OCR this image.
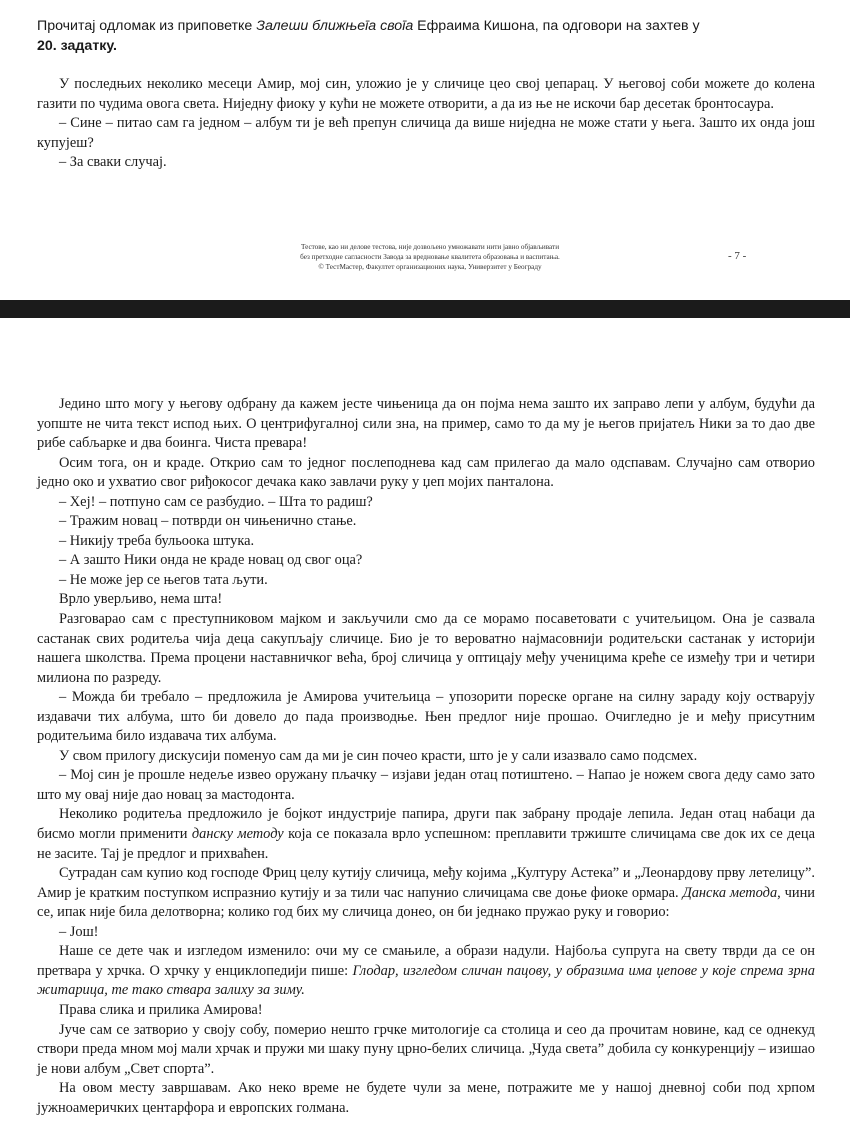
Прочитај одломак из приповетке Залеши ближњеīа своīа Ефраима Кишона, па одговори на захтев у
20. задатку.

У последњих неколико месеци Амир, мој син, уложио је у сличице цео свој џепарац. У његовој соби можете до колена газити по чудима овога света. Ниједну фиоку у кући не можете отворити, а да из ње не искочи бар десетак бронтосаура.

– Сине – питао сам га једном – албум ти је већ препун сличица да више ниједна не може стати у њега. Зашто их онда још купујеш?

– За сваки случај.

Тестове, као ни делове тестова, није дозвољено умножавати нити јавно објављивати
без претходне сагласности Завода за вредновање квалитета образовања и васпитања.
© ТестМастер, Факултет организационих наука, Универзитет у Београду
- 7 -

Једино што могу у његову одбрану да кажем јесте чињеница да он појма нема зашто их заправо лепи у албум, будући да уопште не чита текст испод њих. О центрифугалној сили зна, на пример, само то да му је његов пријатељ Ники за то дао две рибе сабљарке и два боинга. Чиста превара!

Осим тога, он и краде. Открио сам то једног послеподнева кад сам прилегао да мало одспавам. Случајно сам отворио једно око и ухватио свог риђокосог дечака како завлачи руку у џеп мојих панталона.

– Хеј! – потпуно сам се разбудио. – Шта то радиш?

– Тражим новац – потврди он чињенично стање.

– Никију треба бульоока штука.

– А зашто Ники онда не краде новац од свог оца?

– Не може јер се његов тата љути.

Врло уверљиво, нема шта!

Разговарао сам с преступниковом мајком и закључили смо да се морамо посаветовати с учитељицом. Она је сазвала састанак свих родитеља чија деца сакупљају сличице. Био је то вероватно најмасовнији родитељски састанак у историји нашега школства. Према процени наставничког већа, број сличица у оптицају међу ученицима креће се између три и четири милиона по разреду.

– Можда би требало – предложила је Амирова учитељица – упозорити пореске органе на силну зараду коју остварују издавачи тих албума, што би довело до пада производње. Њен предлог није прошао. Очигледно је и међу присутним родитељима било издавача тих албума.

У свом прилогу дискусији поменуо сам да ми је син почео красти, што је у сали изазвало само подсмех.

– Мој син је прошле недеље извео оружану пљачку – изјави један отац потиштено. – Напао је ножем свога деду само зато што му овај није дао новац за мастодонта.

Неколико родитеља предложило је бојкот индустрије папира, други пак забрану продаје лепила. Један отац набаци да бисмо могли применити данску методу која се показала врло успешном: преплавити тржиште сличицама све док их се деца не засите. Тај је предлог и прихваћен.

Сутрадан сам купио код господе Фриц целу кутију сличица, међу којима „Културу Астека” и „Леонардову прву летелицу”. Амир је кратким поступком испразнио кутију и за тили час напунио сличицама све доње фиоке ормара. Данска метода, чини се, ипак није била делотворна; колико год бих му сличица донео, он би једнако пружао руку и говорио:

– Још!

Наше се дете чак и изгледом изменило: очи му се смањиле, а образи надули. Најбоља супруга на свету тврди да се он претвара у хрчка. О хрчку у енциклопедији пише: Глодар, изгледом сличан пацову, у образима има џепове у које спрема зрна житарица, те тако ствара залиху за зиму.

Права слика и прилика Амирова!

Јуче сам се затворио у своју собу, померио нешто грчке митологије са столица и сео да прочитам новине, кад се однекуд створи преда мном мој мали хрчак и пружи ми шаку пуну црно-белих сличица. „Чуда света” добила су конкуренцију – изишао је нови албум „Свет спорта”.

На овом месту завршавам. Ако неко време не будете чули за мене, потражите ме у нашој дневној соби под хрпом јужноамеричких центарфора и европских голмана.
